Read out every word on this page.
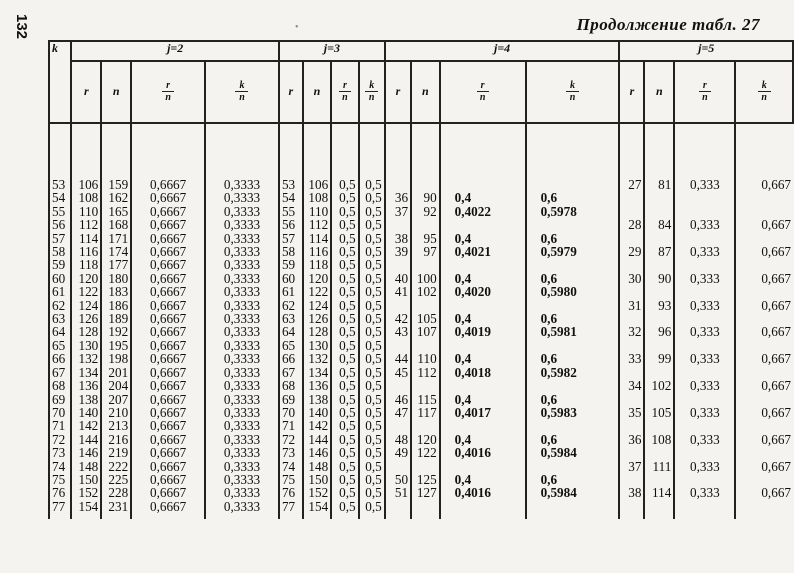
132	Продолжение табл. 27
•
k	j=2				j=3				j=4				j=5			
	r	n	$\frac{r}{n}$	$\frac{k}{n}$	r	n	$\frac{r}{n}$	$\frac{k}{n}$	r	n	$\frac{r}{n}$	$\frac{k}{n}$	r	n	$\frac{r}{n}$	$\frac{k}{n}$

53	106	159	0,6667	0,3333	53	106	0,5	0,5					27	81	0,333	0,667
54	108	162	0,6667	0,3333	54	108	0,5	0,5	36	90	0,4	0,6				
55	110	165	0,6667	0,3333	55	110	0,5	0,5	37	92	0,4022	0,5978				
56	112	168	0,6667	0,3333	56	112	0,5	0,5					28	84	0,333	0,667
57	114	171	0,6667	0,3333	57	114	0,5	0,5	38	95	0,4	0,6				
58	116	174	0,6667	0,3333	58	116	0,5	0,5	39	97	0,4021	0,5979	29	87	0,333	0,667
59	118	177	0,6667	0,3333	59	118	0,5	0,5								
60	120	180	0,6667	0,3333	60	120	0,5	0,5	40	100	0,4	0,6	30	90	0,333	0,667
61	122	183	0,6667	0,3333	61	122	0,5	0,5	41	102	0,4020	0,5980				
62	124	186	0,6667	0,3333	62	124	0,5	0,5					31	93	0,333	0,667
63	126	189	0,6667	0,3333	63	126	0,5	0,5	42	105	0,4	0,6				
64	128	192	0,6667	0,3333	64	128	0,5	0,5	43	107	0,4019	0,5981	32	96	0,333	0,667
65	130	195	0,6667	0,3333	65	130	0,5	0,5								
66	132	198	0,6667	0,3333	66	132	0,5	0,5	44	110	0,4	0,6	33	99	0,333	0,667
67	134	201	0,6667	0,3333	67	134	0,5	0,5	45	112	0,4018	0,5982				
68	136	204	0,6667	0,3333	68	136	0,5	0,5					34	102	0,333	0,667
69	138	207	0,6667	0,3333	69	138	0,5	0,5	46	115	0,4	0,6				
70	140	210	0,6667	0,3333	70	140	0,5	0,5	47	117	0,4017	0,5983	35	105	0,333	0,667
71	142	213	0,6667	0,3333	71	142	0,5	0,5								
72	144	216	0,6667	0,3333	72	144	0,5	0,5	48	120	0,4	0,6	36	108	0,333	0,667
73	146	219	0,6667	0,3333	73	146	0,5	0,5	49	122	0,4016	0,5984				
74	148	222	0,6667	0,3333	74	148	0,5	0,5					37	111	0,333	0,667
75	150	225	0,6667	0,3333	75	150	0,5	0,5	50	125	0,4	0,6				
76	152	228	0,6667	0,3333	76	152	0,5	0,5	51	127	0,4016	0,5984	38	114	0,333	0,667
77	154	231	0,6667	0,3333	77	154	0,5	0,5								
